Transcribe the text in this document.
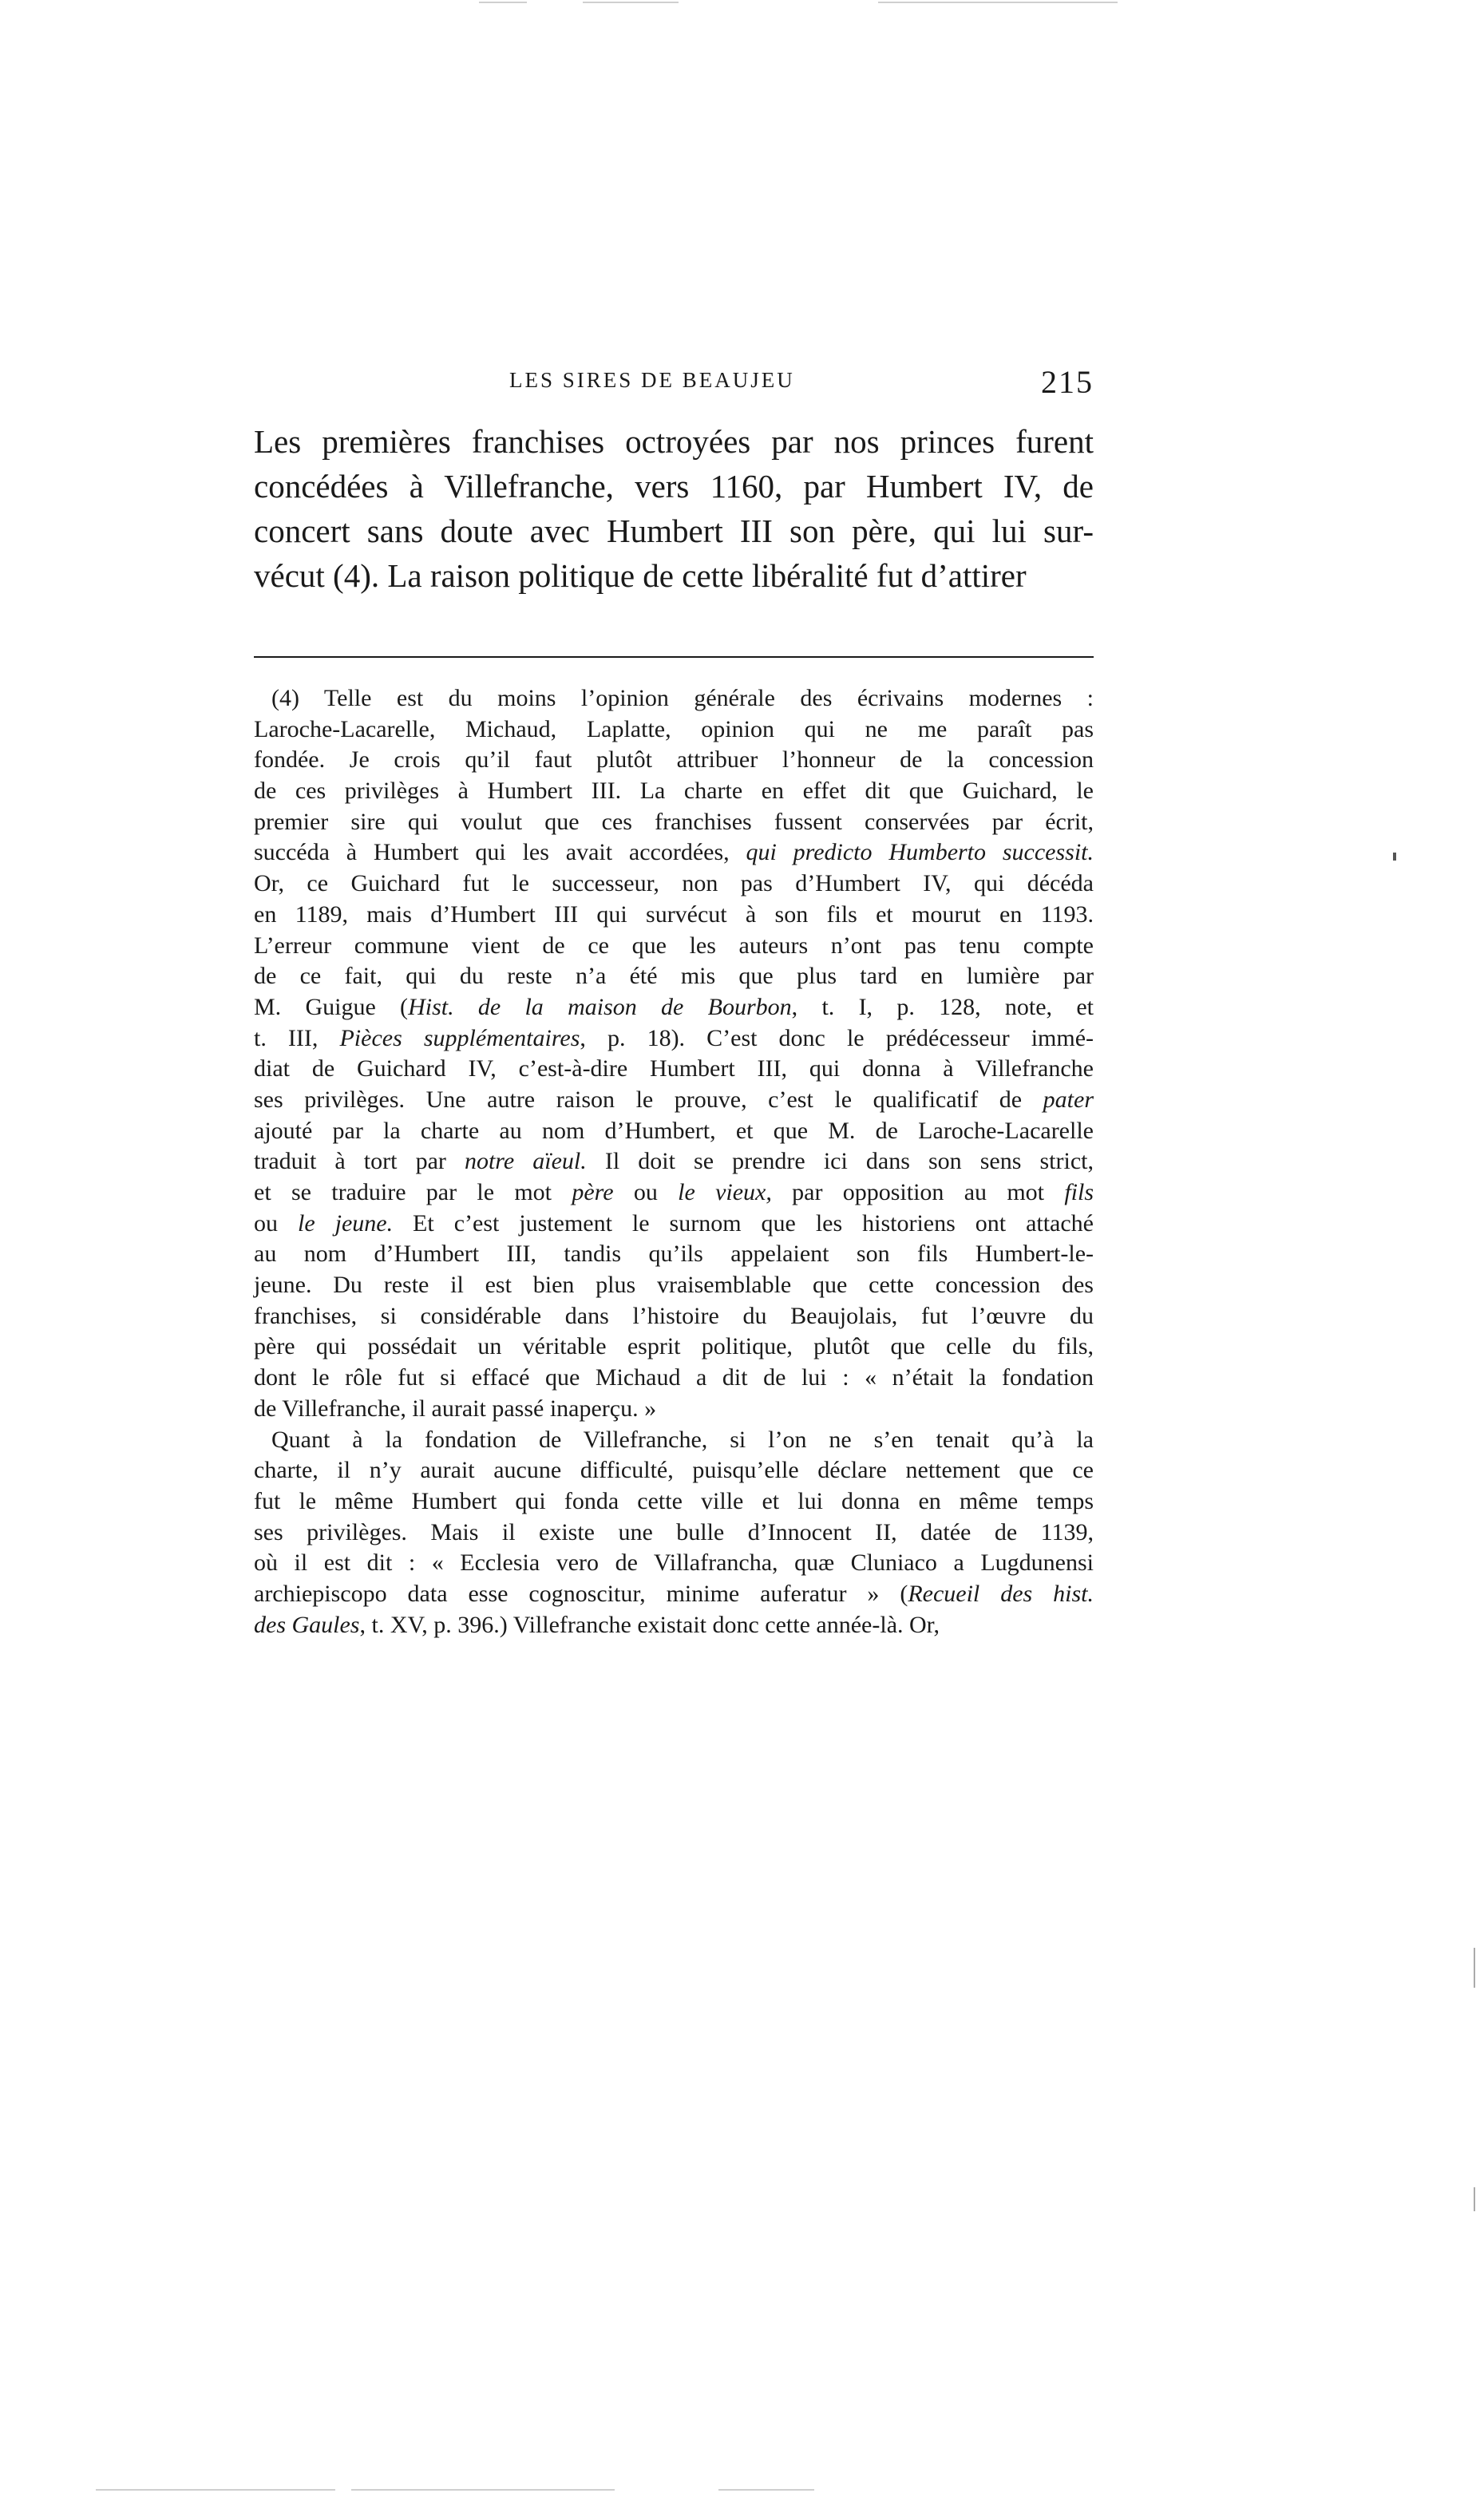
LES SIRES DE BEAUJEU	215
Les premières franchises octroyées par nos princes furent
concédées à Villefranche, vers 1160, par Humbert IV, de
concert sans doute avec Humbert III son père, qui lui sur-
vécut (4). La raison politique de cette libéralité fut d’attirer
(4) Telle est du moins l’opinion générale des écrivains modernes :
Laroche-Lacarelle, Michaud, Laplatte, opinion qui ne me paraît pas
fondée. Je crois qu’il faut plutôt attribuer l’honneur de la concession
de ces privilèges à Humbert III. La charte en effet dit que Guichard, le
premier sire qui voulut que ces franchises fussent conservées par écrit,
succéda à Humbert qui les avait accordées, qui predicto Humberto successit.
Or, ce Guichard fut le successeur, non pas d’Humbert IV, qui décéda
en 1189, mais d’Humbert III qui survécut à son fils et mourut en 1193.
L’erreur commune vient de ce que les auteurs n’ont pas tenu compte
de ce fait, qui du reste n’a été mis que plus tard en lumière par
M. Guigue (Hist. de la maison de Bourbon, t. I, p. 128, note, et
t. III, Pièces supplémentaires, p. 18). C’est donc le prédécesseur immé-
diat de Guichard IV, c’est-à-dire Humbert III, qui donna à Villefranche
ses privilèges. Une autre raison le prouve, c’est le qualificatif de pater
ajouté par la charte au nom d’Humbert, et que M. de Laroche-Lacarelle
traduit à tort par notre aïeul. Il doit se prendre ici dans son sens strict,
et se traduire par le mot père ou le vieux, par opposition au mot fils
ou le jeune. Et c’est justement le surnom que les historiens ont attaché
au nom d’Humbert III, tandis qu’ils appelaient son fils Humbert-le-
jeune. Du reste il est bien plus vraisemblable que cette concession des
franchises, si considérable dans l’histoire du Beaujolais, fut l’œuvre du
père qui possédait un véritable esprit politique, plutôt que celle du fils,
dont le rôle fut si effacé que Michaud a dit de lui : « n’était la fondation
de Villefranche, il aurait passé inaperçu. »
Quant à la fondation de Villefranche, si l’on ne s’en tenait qu’à la
charte, il n’y aurait aucune difficulté, puisqu’elle déclare nettement que ce
fut le même Humbert qui fonda cette ville et lui donna en même temps
ses privilèges. Mais il existe une bulle d’Innocent II, datée de 1139,
où il est dit : « Ecclesia vero de Villafrancha, quæ Cluniaco a Lugdunensi
archiepiscopo data esse cognoscitur, minime auferatur » (Recueil des hist.
des Gaules, t. XV, p. 396.) Villefranche existait donc cette année-là. Or,
